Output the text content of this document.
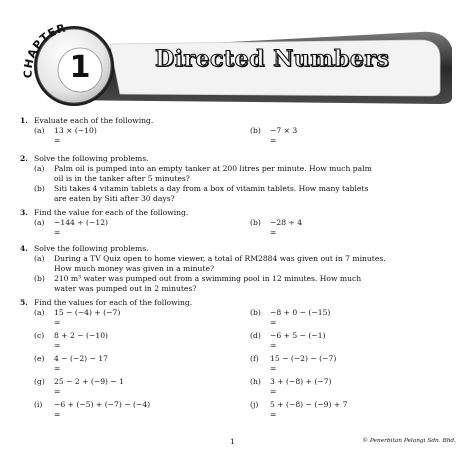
CHAPTER
1	Directed Numbers
1. Evaluate each of the following.
(a) 13 × (−10)
=
(b) −7 × 3
=
2. Solve the following problems.
(a) Palm oil is pumped into an empty tanker at 200 litres per minute. How much palm
oil is in the tanker after 5 minutes?
(b) Siti takes 4 vitamin tablets a day from a box of vitamin tablets. How many tablets
are eaten by Siti after 30 days?
3. Find the value for each of the following.
(a) −144 ÷ (−12)
=
(b) −28 ÷ 4
=
4. Solve the following problems.
(a) During a TV Quiz open to home viewer, a total of RM2884 was given out in 7 minutes.
How much money was given in a minute?
(b) 210 m³ water was pumped out from a swimming pool in 12 minutes. How much
water was pumped out in 2 minutes?
5. Find the values for each of the following.
(a) 15 − (−4) + (−7)
=
(b) −8 + 0 − (−15)
=
(c) 8 + 2 − (−10)
=
(d) −6 + 5 − (−1)
=
(e) 4 − (−2) − 17
=
(f) 15 − (−2) − (−7)
=
(g) 25 − 2 + (−9) − 1
=
(h) 3 + (−8) + (−7)
=
(i) −6 + (−5) + (−7) − (−4)
=
(j) 5 + (−8) − (−9) + 7
=
1	© Penerbitan Pelangi Sdn. Bhd.
